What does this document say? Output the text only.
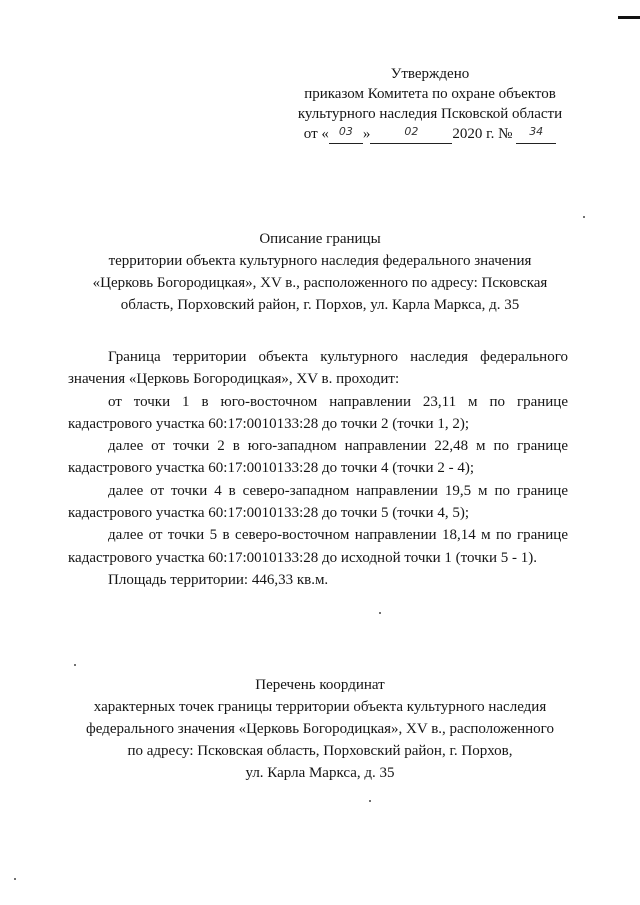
Утверждено
приказом Комитета по охране объектов
культурного наследия Псковской области
от « 03 »	02	2020 г. №	34
Описание границы
территории объекта культурного наследия федерального значения
«Церковь Богородицкая», XV в., расположенного по адресу: Псковская
область, Порховский район, г. Порхов, ул. Карла Маркса, д. 35

Граница территории объекта культурного наследия федерального значения «Церковь Богородицкая», XV в. проходит:

от точки 1 в юго-восточном направлении 23,11 м по границе кадастрового участка 60:17:0010133:28 до точки 2 (точки 1, 2);

далее от точки 2 в юго-западном направлении 22,48 м по границе кадастрового участка 60:17:0010133:28 до точки 4 (точки 2 - 4);

далее от точки 4 в северо-западном направлении 19,5 м по границе кадастрового участка 60:17:0010133:28 до точки 5 (точки 4, 5);

далее от точки 5 в северо-восточном направлении 18,14 м по границе кадастрового участка 60:17:0010133:28 до исходной точки 1 (точки 5 - 1).

Площадь территории: 446,33 кв.м.

Перечень координат
характерных точек границы территории объекта культурного наследия
федерального значения «Церковь Богородицкая», XV в., расположенного
по адресу: Псковская область, Порховский район, г. Порхов,
ул. Карла Маркса, д. 35
